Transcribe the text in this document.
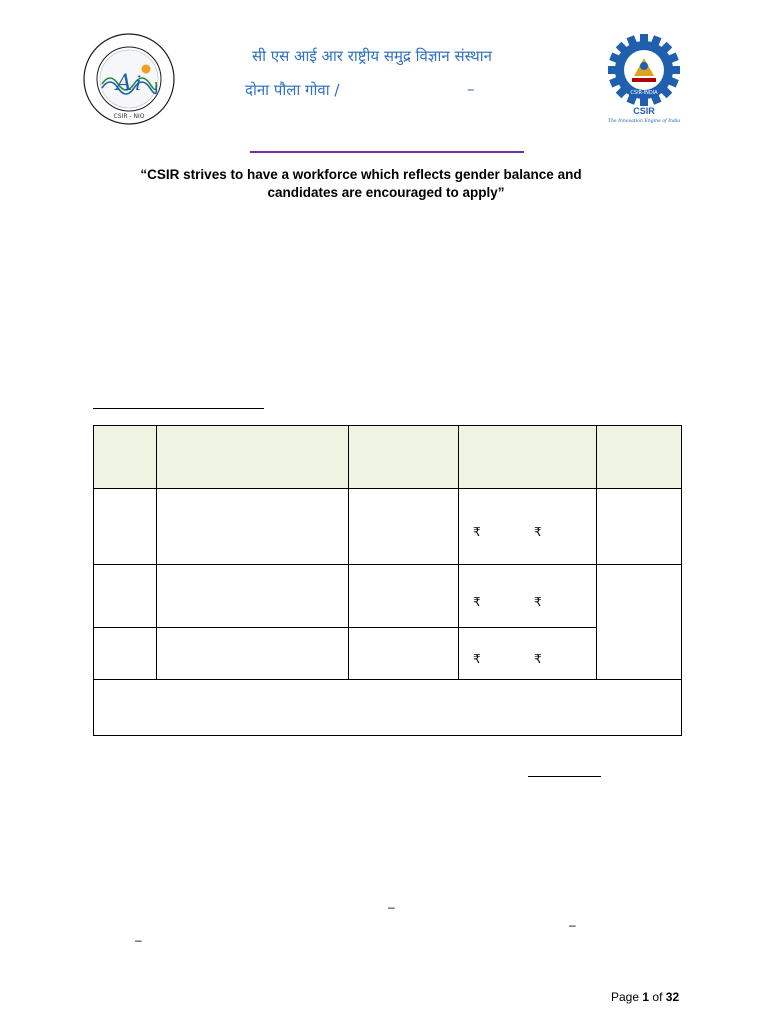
A i
CSIR - NIO
सी एस आई आर राष्ट्रीय समुद्र विज्ञान संस्थान
दोना पौला गोवा /	–	CSIR-INDIA
CSIR
The Innovation Engine of India
“CSIR strives to have a workforce which reflects gender balance and
candidates are encouraged to apply”

			₹ ₹	

			₹ ₹	

			₹ ₹	

–
–
–
Page 1 of 32
